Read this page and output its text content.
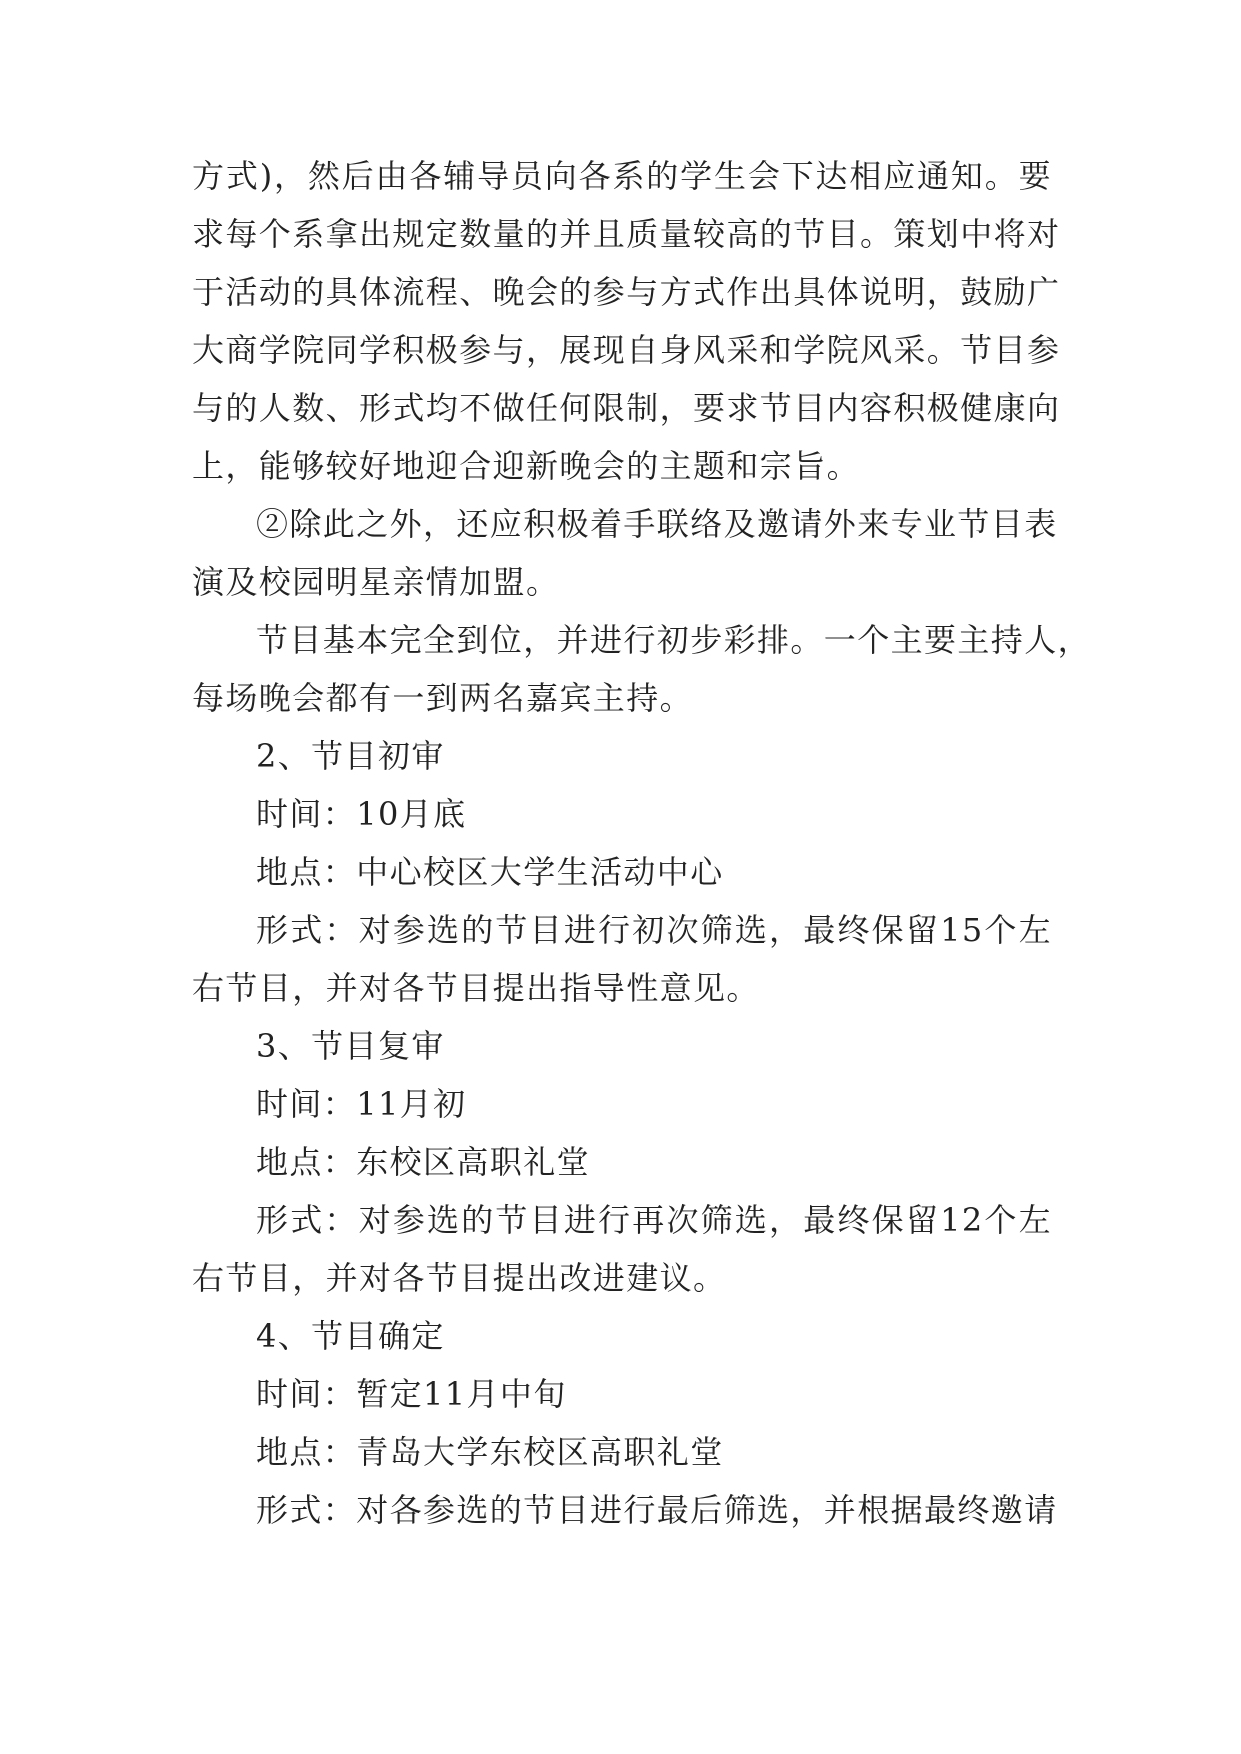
方式)，然后由各辅导员向各系的学生会下达相应通知。要
求每个系拿出规定数量的并且质量较高的节目。策划中将对
于活动的具体流程、晚会的参与方式作出具体说明，鼓励广
大商学院同学积极参与，展现自身风采和学院风采。节目参
与的人数、形式均不做任何限制，要求节目内容积极健康向
上，能够较好地迎合迎新晚会的主题和宗旨。
②除此之外，还应积极着手联络及邀请外来专业节目表
演及校园明星亲情加盟。
节目基本完全到位，并进行初步彩排。一个主要主持人，
每场晚会都有一到两名嘉宾主持。
2、节目初审
时间：10月底
地点：中心校区大学生活动中心
形式：对参选的节目进行初次筛选，最终保留15个左
右节目，并对各节目提出指导性意见。
3、节目复审
时间：11月初
地点：东校区高职礼堂
形式：对参选的节目进行再次筛选，最终保留12个左
右节目，并对各节目提出改进建议。
4、节目确定
时间：暂定11月中旬
地点：青岛大学东校区高职礼堂
形式：对各参选的节目进行最后筛选，并根据最终邀请
